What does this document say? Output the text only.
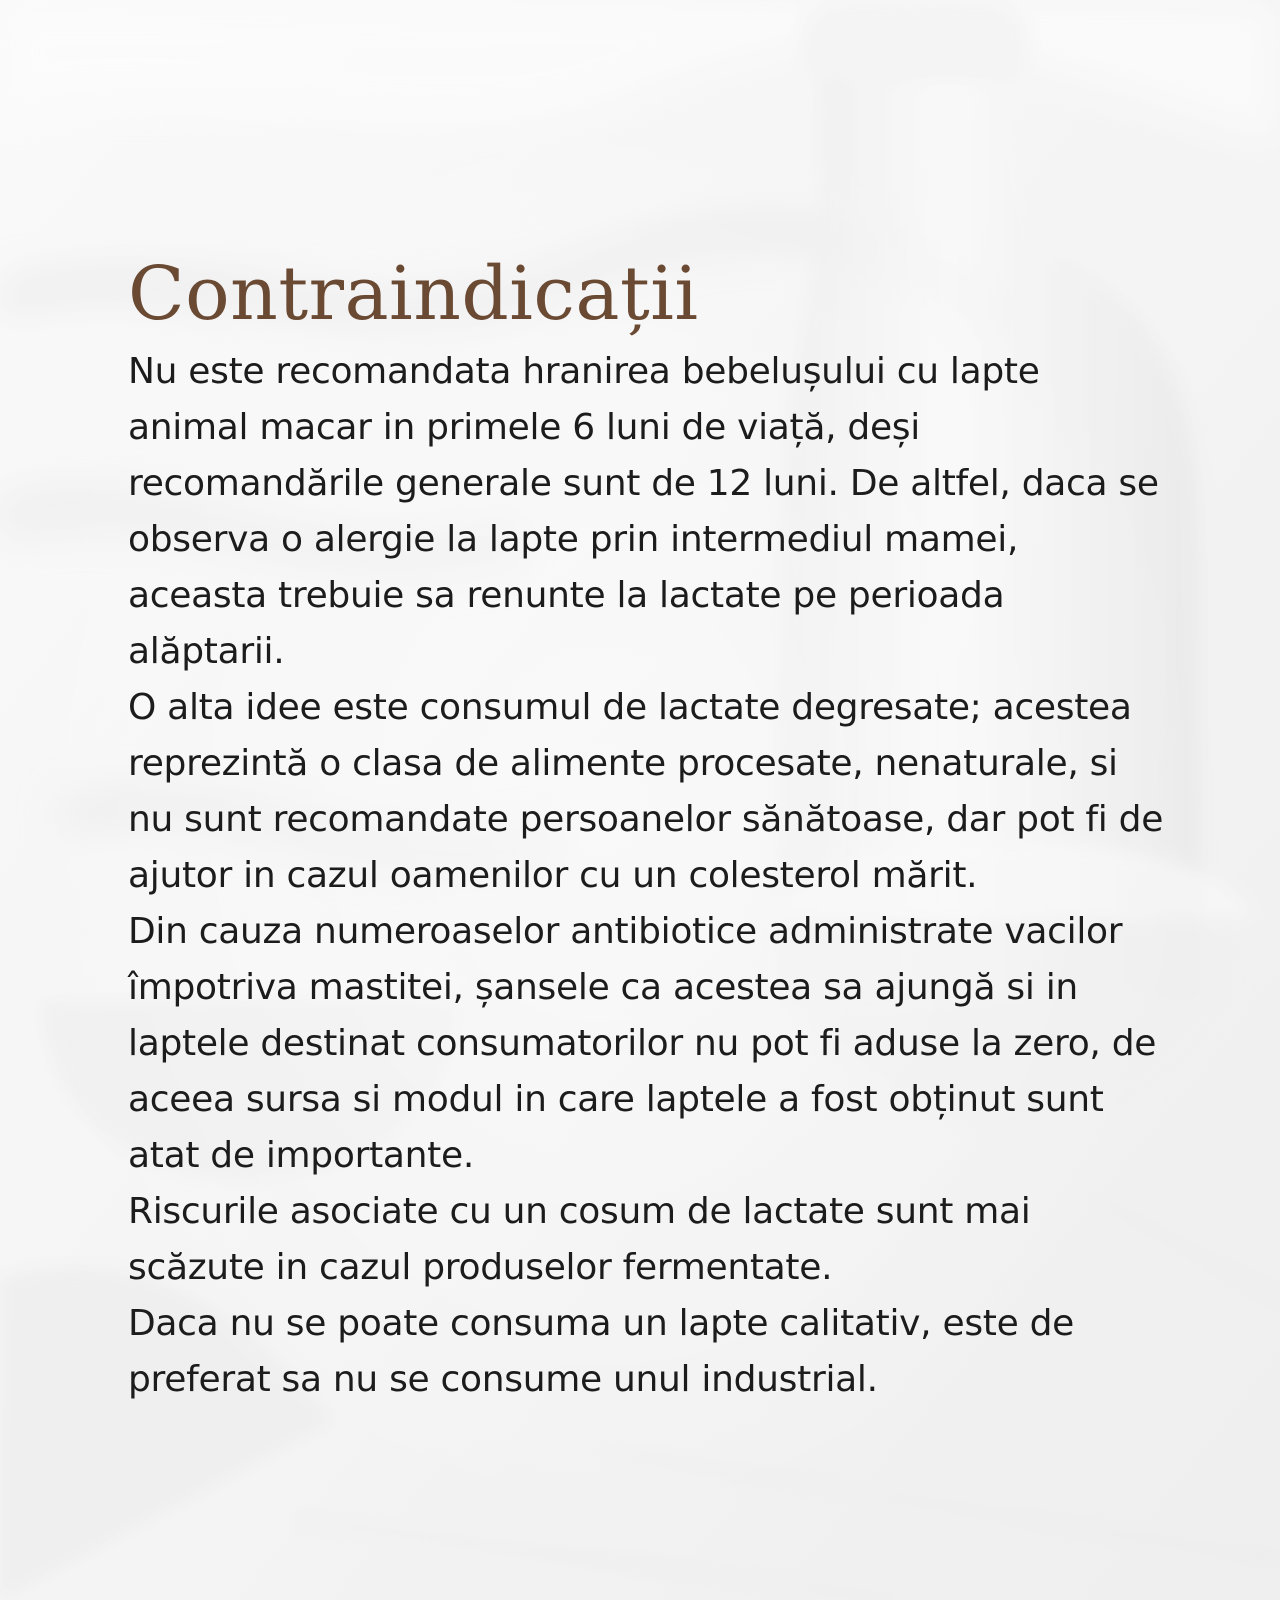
Contraindicații

Nu este recomandata hranirea bebelușului cu lapte animal macar in primele 6 luni de viață, deși recomandările generale sunt de 12 luni. De altfel, daca se observa o alergie la lapte prin intermediul mamei, aceasta trebuie sa renunte la lactate pe perioada alăptarii.

O alta idee este consumul de lactate degresate; acestea reprezintă o clasa de alimente procesate, nenaturale, si nu sunt recomandate persoanelor sănătoase, dar pot fi de ajutor in cazul oamenilor cu un colesterol mărit.

Din cauza numeroaselor antibiotice administrate vacilor împotriva mastitei, șansele ca acestea sa ajungă si in laptele destinat consumatorilor nu pot fi aduse la zero, de aceea sursa si modul in care laptele a fost obținut sunt atat de importante.

Riscurile asociate cu un cosum de lactate sunt mai scăzute in cazul produselor fermentate.

Daca nu se poate consuma un lapte calitativ, este de preferat sa nu se consume unul industrial.
